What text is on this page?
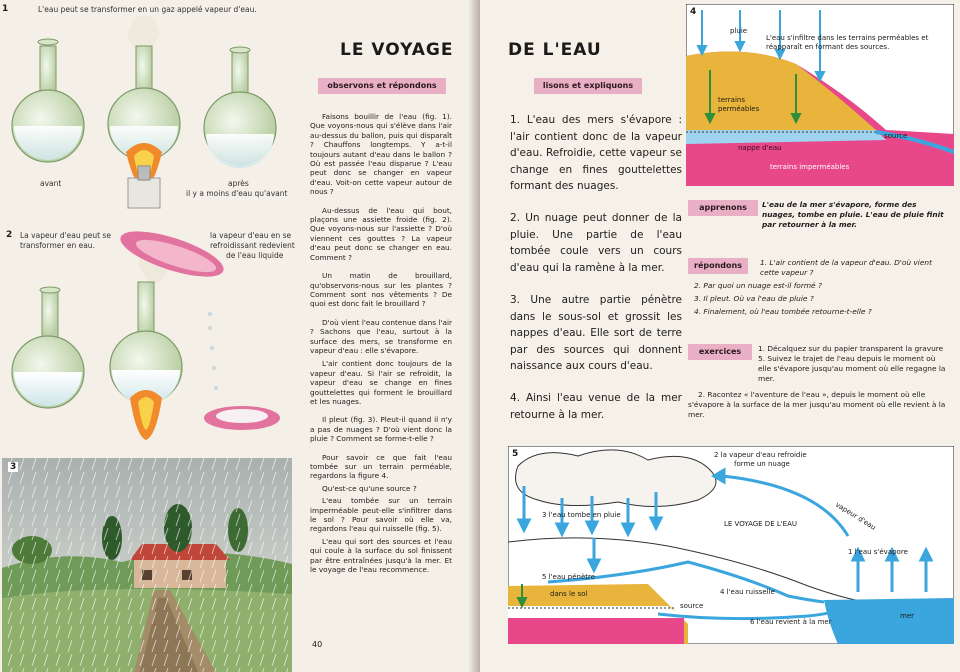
1	L'eau peut se transformer en un gaz appelé vapeur d'eau.
avant	après
il y a moins d'eau qu'avant
2 La vapeur d'eau peut se
transformer en eau.
la vapeur d'eau en se
refroidissant redevient
de l'eau liquide
3
LE VOYAGE
observons et répondons

Faisons bouillir de l'eau (fig. 1). Que voyons-nous qui s'élève dans l'air au-dessus du ballon, puis qui disparaît ? Chauffons longtemps. Y a-t-il toujours autant d'eau dans le ballon ? Où est passée l'eau disparue ? L'eau peut donc se changer en vapeur d'eau. Voit-on cette vapeur autour de nous ?

Au-dessus de l'eau qui bout, plaçons une assiette froide (fig. 2). Que voyons-nous sur l'assiette ? D'où viennent ces gouttes ? La vapeur d'eau peut donc se changer en eau. Comment ?

Un matin de brouillard, qu'observons-nous sur les plantes ? Comment sont nos vêtements ? De quoi est donc fait le brouillard ?

D'où vient l'eau contenue dans l'air ? Sachons que l'eau, surtout à la surface des mers, se transforme en vapeur d'eau : elle s'évapore.

L'air contient donc toujours de la vapeur d'eau. Si l'air se refroidit, la vapeur d'eau se change en fines gouttelettes qui forment le brouillard et les nuages.

Il pleut (fig. 3). Pleut-il quand il n'y a pas de nuages ? D'où vient donc la pluie ? Comment se forme-t-elle ?

Pour savoir ce que fait l'eau tombée sur un terrain perméable, regardons la figure 4.

Qu'est-ce qu'une source ?

L'eau tombée sur un terrain imperméable peut-elle s'infiltrer dans le sol ? Pour savoir où elle va, regardons l'eau qui ruisselle (fig. 5).

L'eau qui sort des sources et l'eau qui coule à la surface du sol finissent par être entraînées jusqu'à la mer. Et le voyage de l'eau recommence.

40
DE L'EAU
lisons et expliquons

1. L'eau des mers s'évapore : l'air contient donc de la vapeur d'eau. Refroidie, cette vapeur se change en fines gouttelettes formant des nuages.

2. Un nuage peut donner de la pluie. Une partie de l'eau tombée coule vers un cours d'eau qui la ramène à la mer.

3. Une autre partie pénètre dans le sous-sol et grossit les nappes d'eau. Elle sort de terre par des sources qui donnent naissance aux cours d'eau.

4. Ainsi l'eau venue de la mer retourne à la mer.

4
pluie
L'eau s'infiltre dans les terrains perméables et réapparaît en formant des sources.
terrains
perméables
source
nappe d'eau
terrains imperméables
apprenons	L'eau de la mer s'évapore, forme des nuages, tombe en pluie. L'eau de pluie finit par retourner à la mer.
répondons	1. L'air contient de la vapeur d'eau. D'où vient cette vapeur ?

2. Par quoi un nuage est-il formé ?

3. Il pleut. Où va l'eau de pluie ?

4. Finalement, où l'eau tombée retourne-t-elle ?

exercices	1. Décalquez sur du papier transparent la gravure 5. Suivez le trajet de l'eau depuis le moment où elle s'évapore jusqu'au moment où elle regagne la mer.

2. Racontez « l'aventure de l'eau », depuis le moment où elle s'évapore à la surface de la mer jusqu'au moment où elle revient à la mer.

5
LE VOYAGE DE L'EAU
2 la vapeur d'eau refroidie
forme un nuage
vapeur d'eau
1 l'eau s'évapore
3 l'eau tombe en pluie
4 l'eau ruisselle
5 l'eau pénètre
dans le sol
source
6 l'eau revient à la mer
mer
